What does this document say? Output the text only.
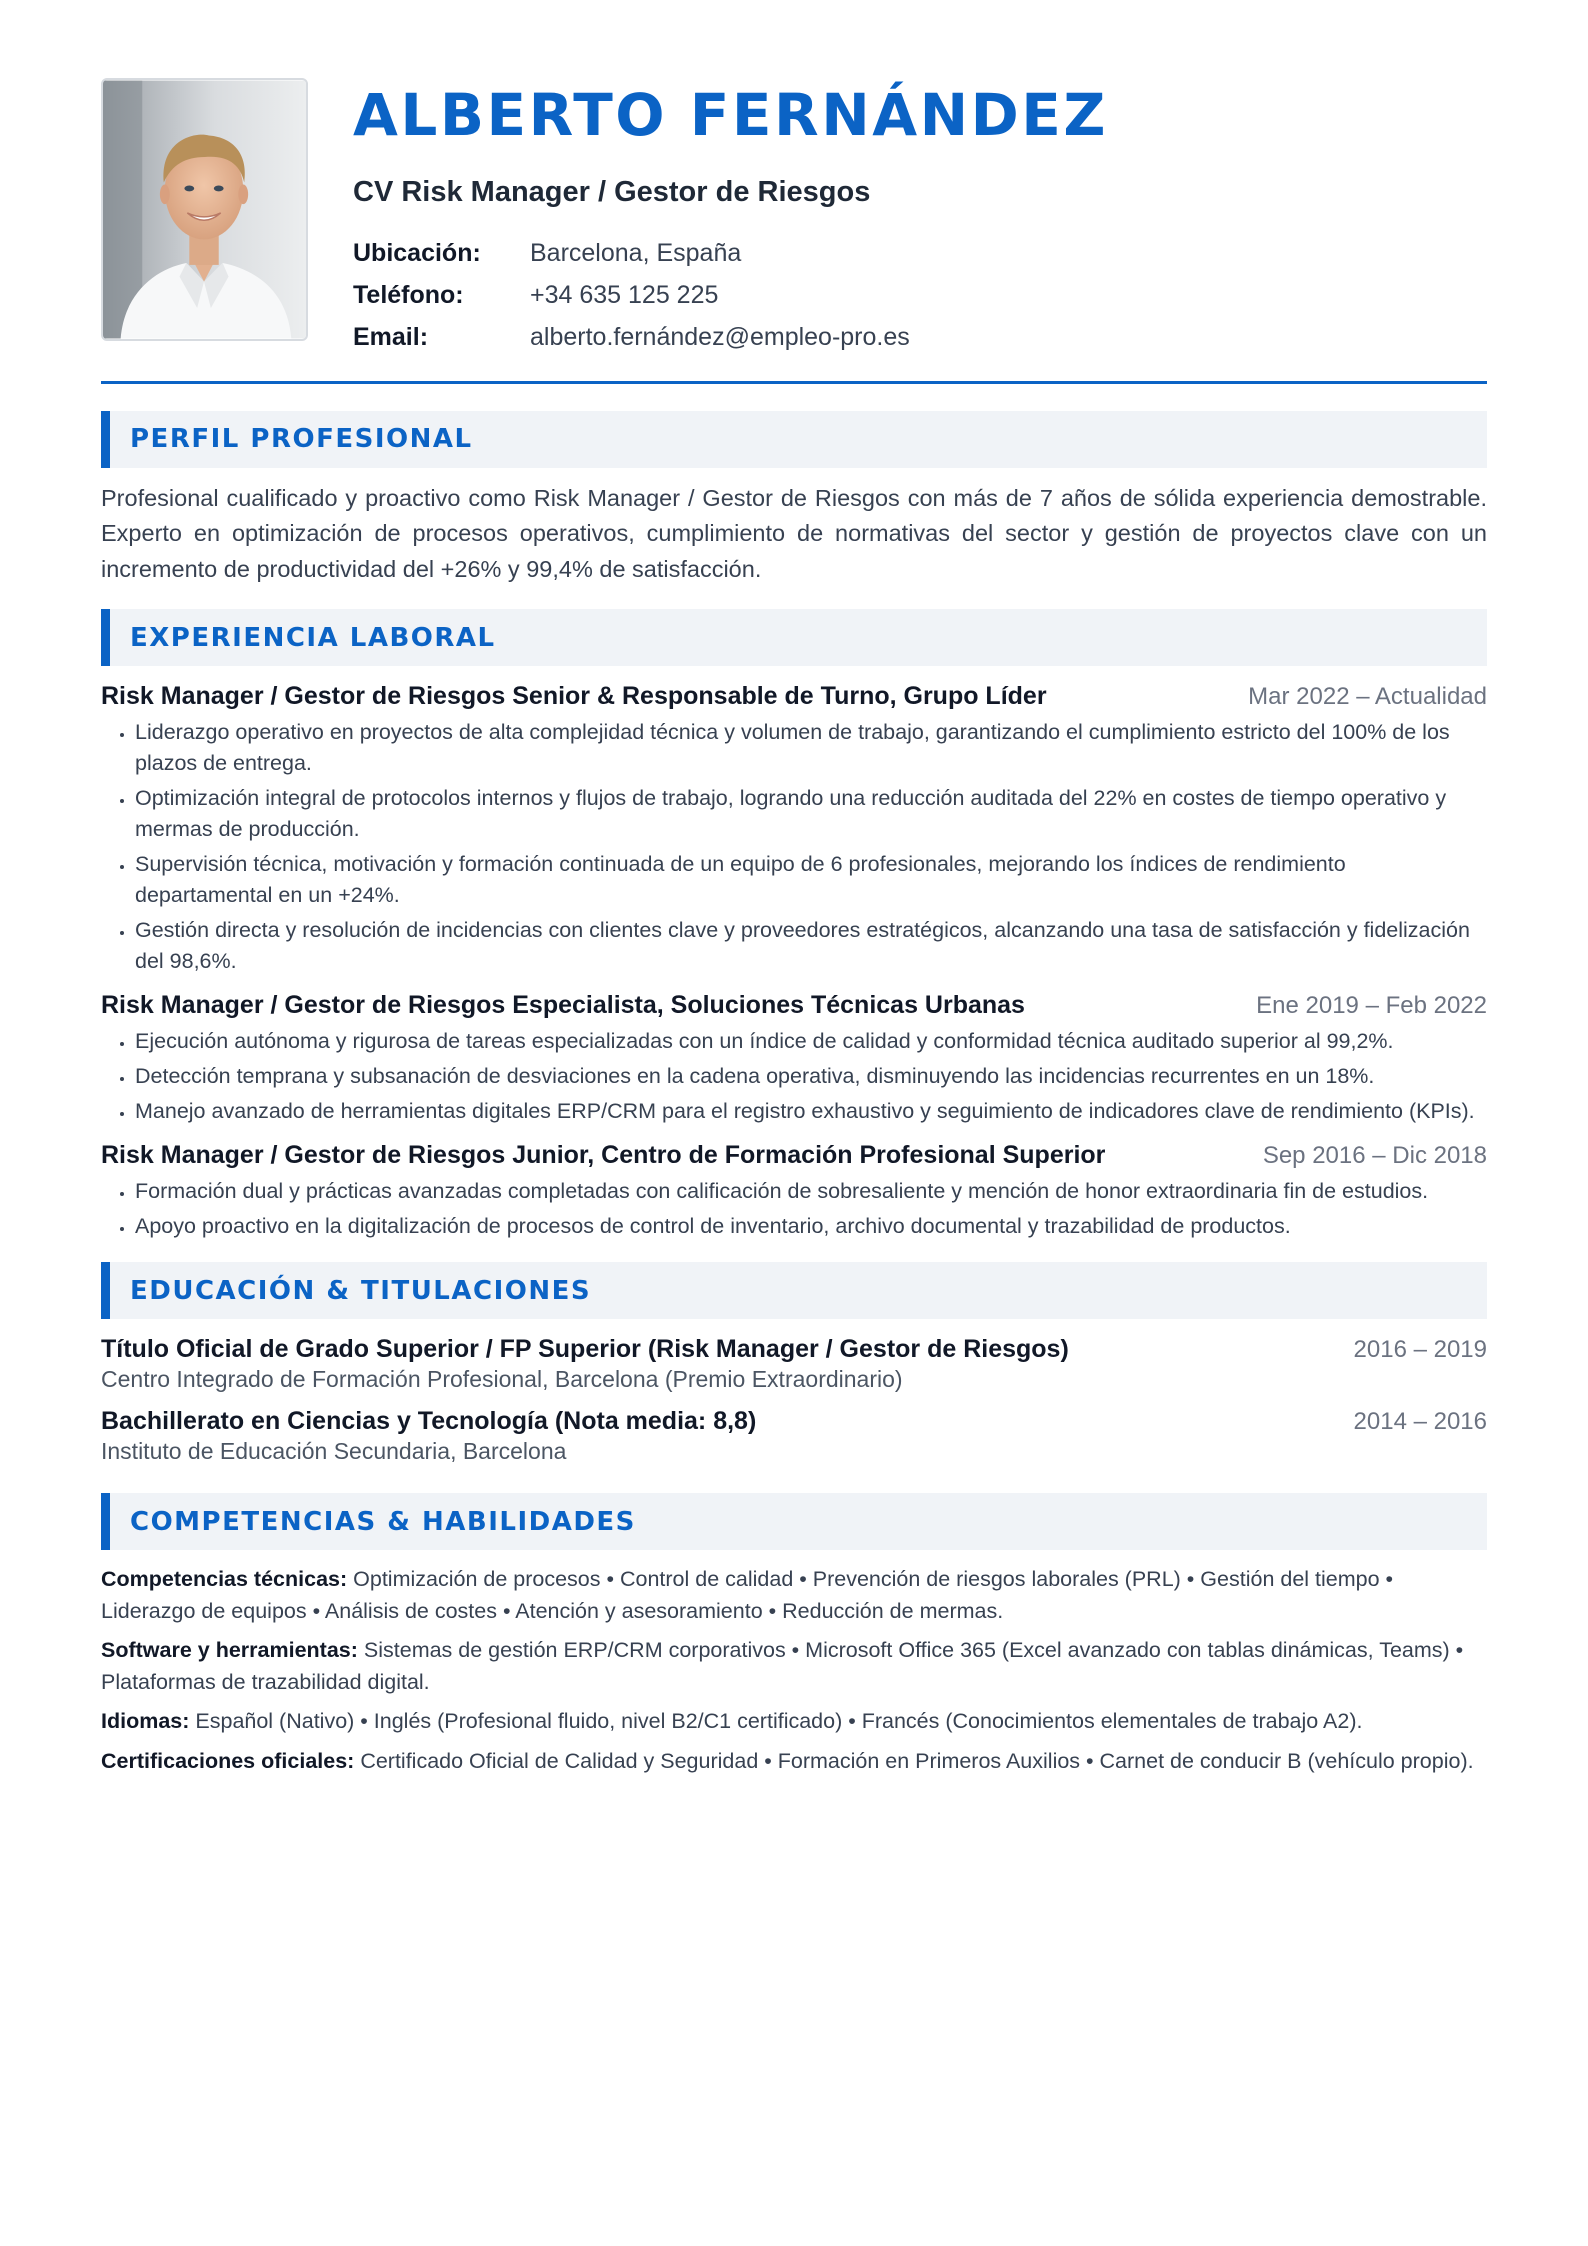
ALBERTO FERNÁNDEZ
CV Risk Manager / Gestor de Riesgos
Ubicación:	Barcelona, España
Teléfono:	+34 635 125 225
Email:	alberto.fernández@empleo-pro.es
PERFIL PROFESIONAL

Profesional cualificado y proactivo como Risk Manager / Gestor de Riesgos con más de 7 años de sólida experiencia demostrable. Experto en optimización de procesos operativos, cumplimiento de normativas del sector y gestión de proyectos clave con un incremento de productividad del +26% y 99,4% de satisfacción.

EXPERIENCIA LABORAL
Risk Manager / Gestor de Riesgos Senior & Responsable de Turno, Grupo Líder	Mar 2022 – Actualidad
• Liderazgo operativo en proyectos de alta complejidad técnica y volumen de trabajo, garantizando el cumplimiento estricto del 100% de los plazos de entrega.
• Optimización integral de protocolos internos y flujos de trabajo, logrando una reducción auditada del 22% en costes de tiempo operativo y mermas de producción.
• Supervisión técnica, motivación y formación continuada de un equipo de 6 profesionales, mejorando los índices de rendimiento departamental en un +24%.
• Gestión directa y resolución de incidencias con clientes clave y proveedores estratégicos, alcanzando una tasa de satisfacción y fidelización del 98,6%.
Risk Manager / Gestor de Riesgos Especialista, Soluciones Técnicas Urbanas	Ene 2019 – Feb 2022
• Ejecución autónoma y rigurosa de tareas especializadas con un índice de calidad y conformidad técnica auditado superior al 99,2%.
• Detección temprana y subsanación de desviaciones en la cadena operativa, disminuyendo las incidencias recurrentes en un 18%.
• Manejo avanzado de herramientas digitales ERP/CRM para el registro exhaustivo y seguimiento de indicadores clave de rendimiento (KPIs).
Risk Manager / Gestor de Riesgos Junior, Centro de Formación Profesional Superior	Sep 2016 – Dic 2018
• Formación dual y prácticas avanzadas completadas con calificación de sobresaliente y mención de honor extraordinaria fin de estudios.
• Apoyo proactivo en la digitalización de procesos de control de inventario, archivo documental y trazabilidad de productos.
EDUCACIÓN & TITULACIONES
Título Oficial de Grado Superior / FP Superior (Risk Manager / Gestor de Riesgos)	2016 – 2019
Centro Integrado de Formación Profesional, Barcelona (Premio Extraordinario)
Bachillerato en Ciencias y Tecnología (Nota media: 8,8)	2014 – 2016
Instituto de Educación Secundaria, Barcelona
COMPETENCIAS & HABILIDADES
Competencias técnicas: Optimización de procesos • Control de calidad • Prevención de riesgos laborales (PRL) • Gestión del tiempo • Liderazgo de equipos • Análisis de costes • Atención y asesoramiento • Reducción de mermas.
Software y herramientas: Sistemas de gestión ERP/CRM corporativos • Microsoft Office 365 (Excel avanzado con tablas dinámicas, Teams) • Plataformas de trazabilidad digital.
Idiomas: Español (Nativo) • Inglés (Profesional fluido, nivel B2/C1 certificado) • Francés (Conocimientos elementales de trabajo A2).
Certificaciones oficiales: Certificado Oficial de Calidad y Seguridad • Formación en Primeros Auxilios • Carnet de conducir B (vehículo propio).
